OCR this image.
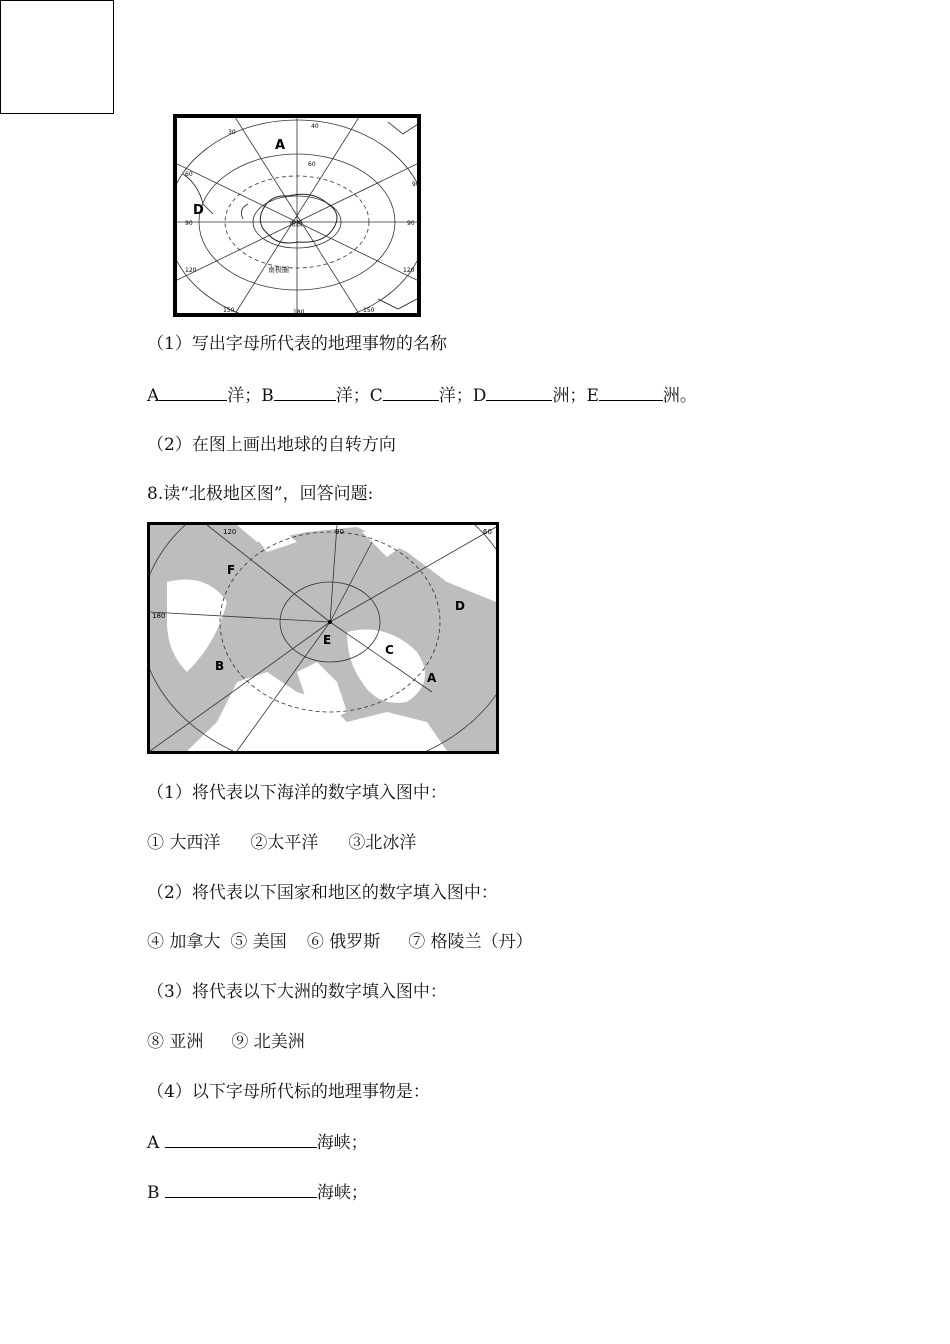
A
D
南极
南极圈
30
40
60
60
90	90
120	120
150	150
180
90
（1）写出字母所代表的地理事物的名称
A	洋；B	洋；C	洋；D	洲；E	洲。
（2）在图上画出地球的自转方向
8.读“北极地区图”，回答问题:
F
D
E
C
B
A
120	60
90
180
（1）将代表以下海洋的数字填入图中：
① 大西洋 ②太平洋 ③北冰洋
（2）将代表以下国家和地区的数字填入图中：
④ 加拿大 ⑤ 美国 ⑥ 俄罗斯 ⑦ 格陵兰（丹）
（3）将代表以下大洲的数字填入图中：
⑧ 亚洲 ⑨ 北美洲
（4）以下字母所代标的地理事物是：
A	海峡；
B	海峡；
